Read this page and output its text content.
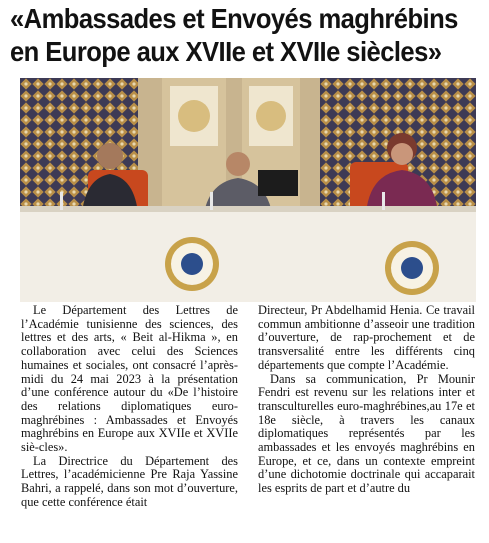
«Ambassades et Envoyés maghrébins
en Europe aux XVIIe et XVIIe siècles»

Le Département des Lettres de l’Académie tunisienne des sciences, des lettres et des arts, « Beit al-Hikma », en collaboration avec celui des Sciences humaines et sociales, ont consacré l’après-midi du 24 mai 2023 à la présentation d’une conférence autour du «De l’histoire des relations diplomatiques euro-maghrébines : Ambassades et Envoyés maghrébins en Europe aux XVIIe et XVIIe siè-cles».

La Directrice du Département des Lettres, l’académicienne Pre Raja Yassine Bahri, a rappelé, dans son mot d’ouverture, que cette conférence était

Directeur, Pr Abdelhamid Henia. Ce travail commun ambitionne d’asseoir une tradition d’ouverture, de rap-prochement et de transversalité entre les différents cinq départements que compte l’Académie.

Dans sa communication, Pr Mounir Fendri est revenu sur les relations inter et transculturelles euro-maghrébines,au 17e et 18e siècle, à travers les canaux diplomatiques représentés par les ambassades et les envoyés maghrébins en Europe, et ce, dans un contexte empreint d’une dichotomie doctrinale qui accaparait les esprits de part et d’autre du
